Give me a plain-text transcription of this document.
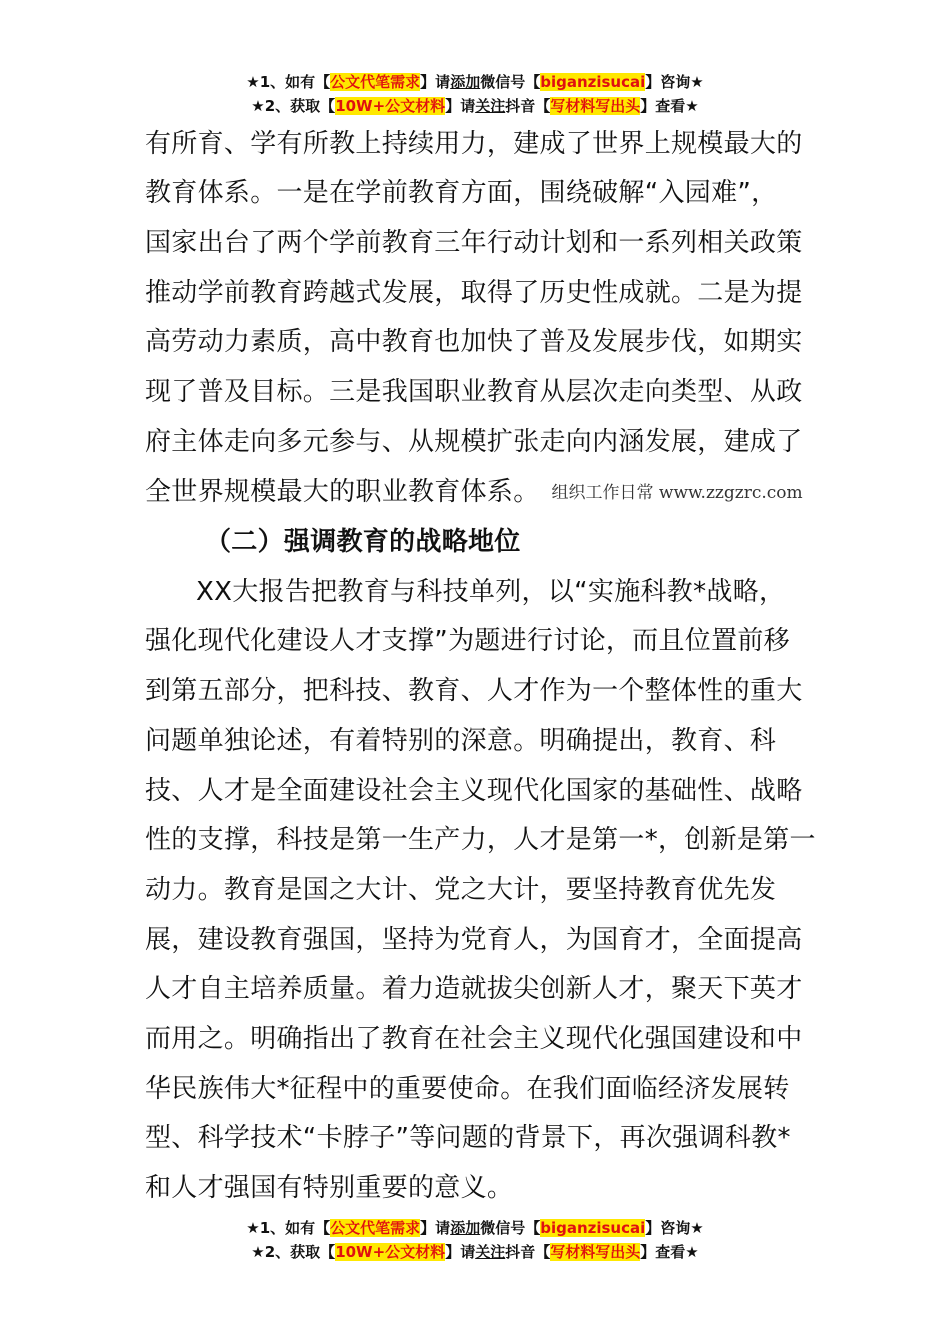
★1、如有【公文代笔需求】请添加微信号【biganzisucai】咨询★
★2、获取【10W+公文材料】请关注抖音【写材料写出头】查看★
有所育、学有所教上持续用力，建成了世界上规模最大的
教育体系。一是在学前教育方面，围绕破解“入园难”，
国家出台了两个学前教育三年行动计划和一系列相关政策
推动学前教育跨越式发展，取得了历史性成就。二是为提
高劳动力素质，高中教育也加快了普及发展步伐，如期实
现了普及目标。三是我国职业教育从层次走向类型、从政
府主体走向多元参与、从规模扩张走向内涵发展，建成了
全世界规模最大的职业教育体系。 组织工作日常 www.zzgzrc.com
（二）强调教育的战略地位
XX大报告把教育与科技单列，以“实施科教*战略，
强化现代化建设人才支撑”为题进行讨论，而且位置前移
到第五部分，把科技、教育、人才作为一个整体性的重大
问题单独论述，有着特别的深意。明确提出，教育、科
技、人才是全面建设社会主义现代化国家的基础性、战略
性的支撑，科技是第一生产力，人才是第一*，创新是第一
动力。教育是国之大计、党之大计，要坚持教育优先发
展，建设教育强国，坚持为党育人，为国育才，全面提高
人才自主培养质量。着力造就拔尖创新人才，聚天下英才
而用之。明确指出了教育在社会主义现代化强国建设和中
华民族伟大*征程中的重要使命。在我们面临经济发展转
型、科学技术“卡脖子”等问题的背景下，再次强调科教*
和人才强国有特别重要的意义。
★1、如有【公文代笔需求】请添加微信号【biganzisucai】咨询★
★2、获取【10W+公文材料】请关注抖音【写材料写出头】查看★
